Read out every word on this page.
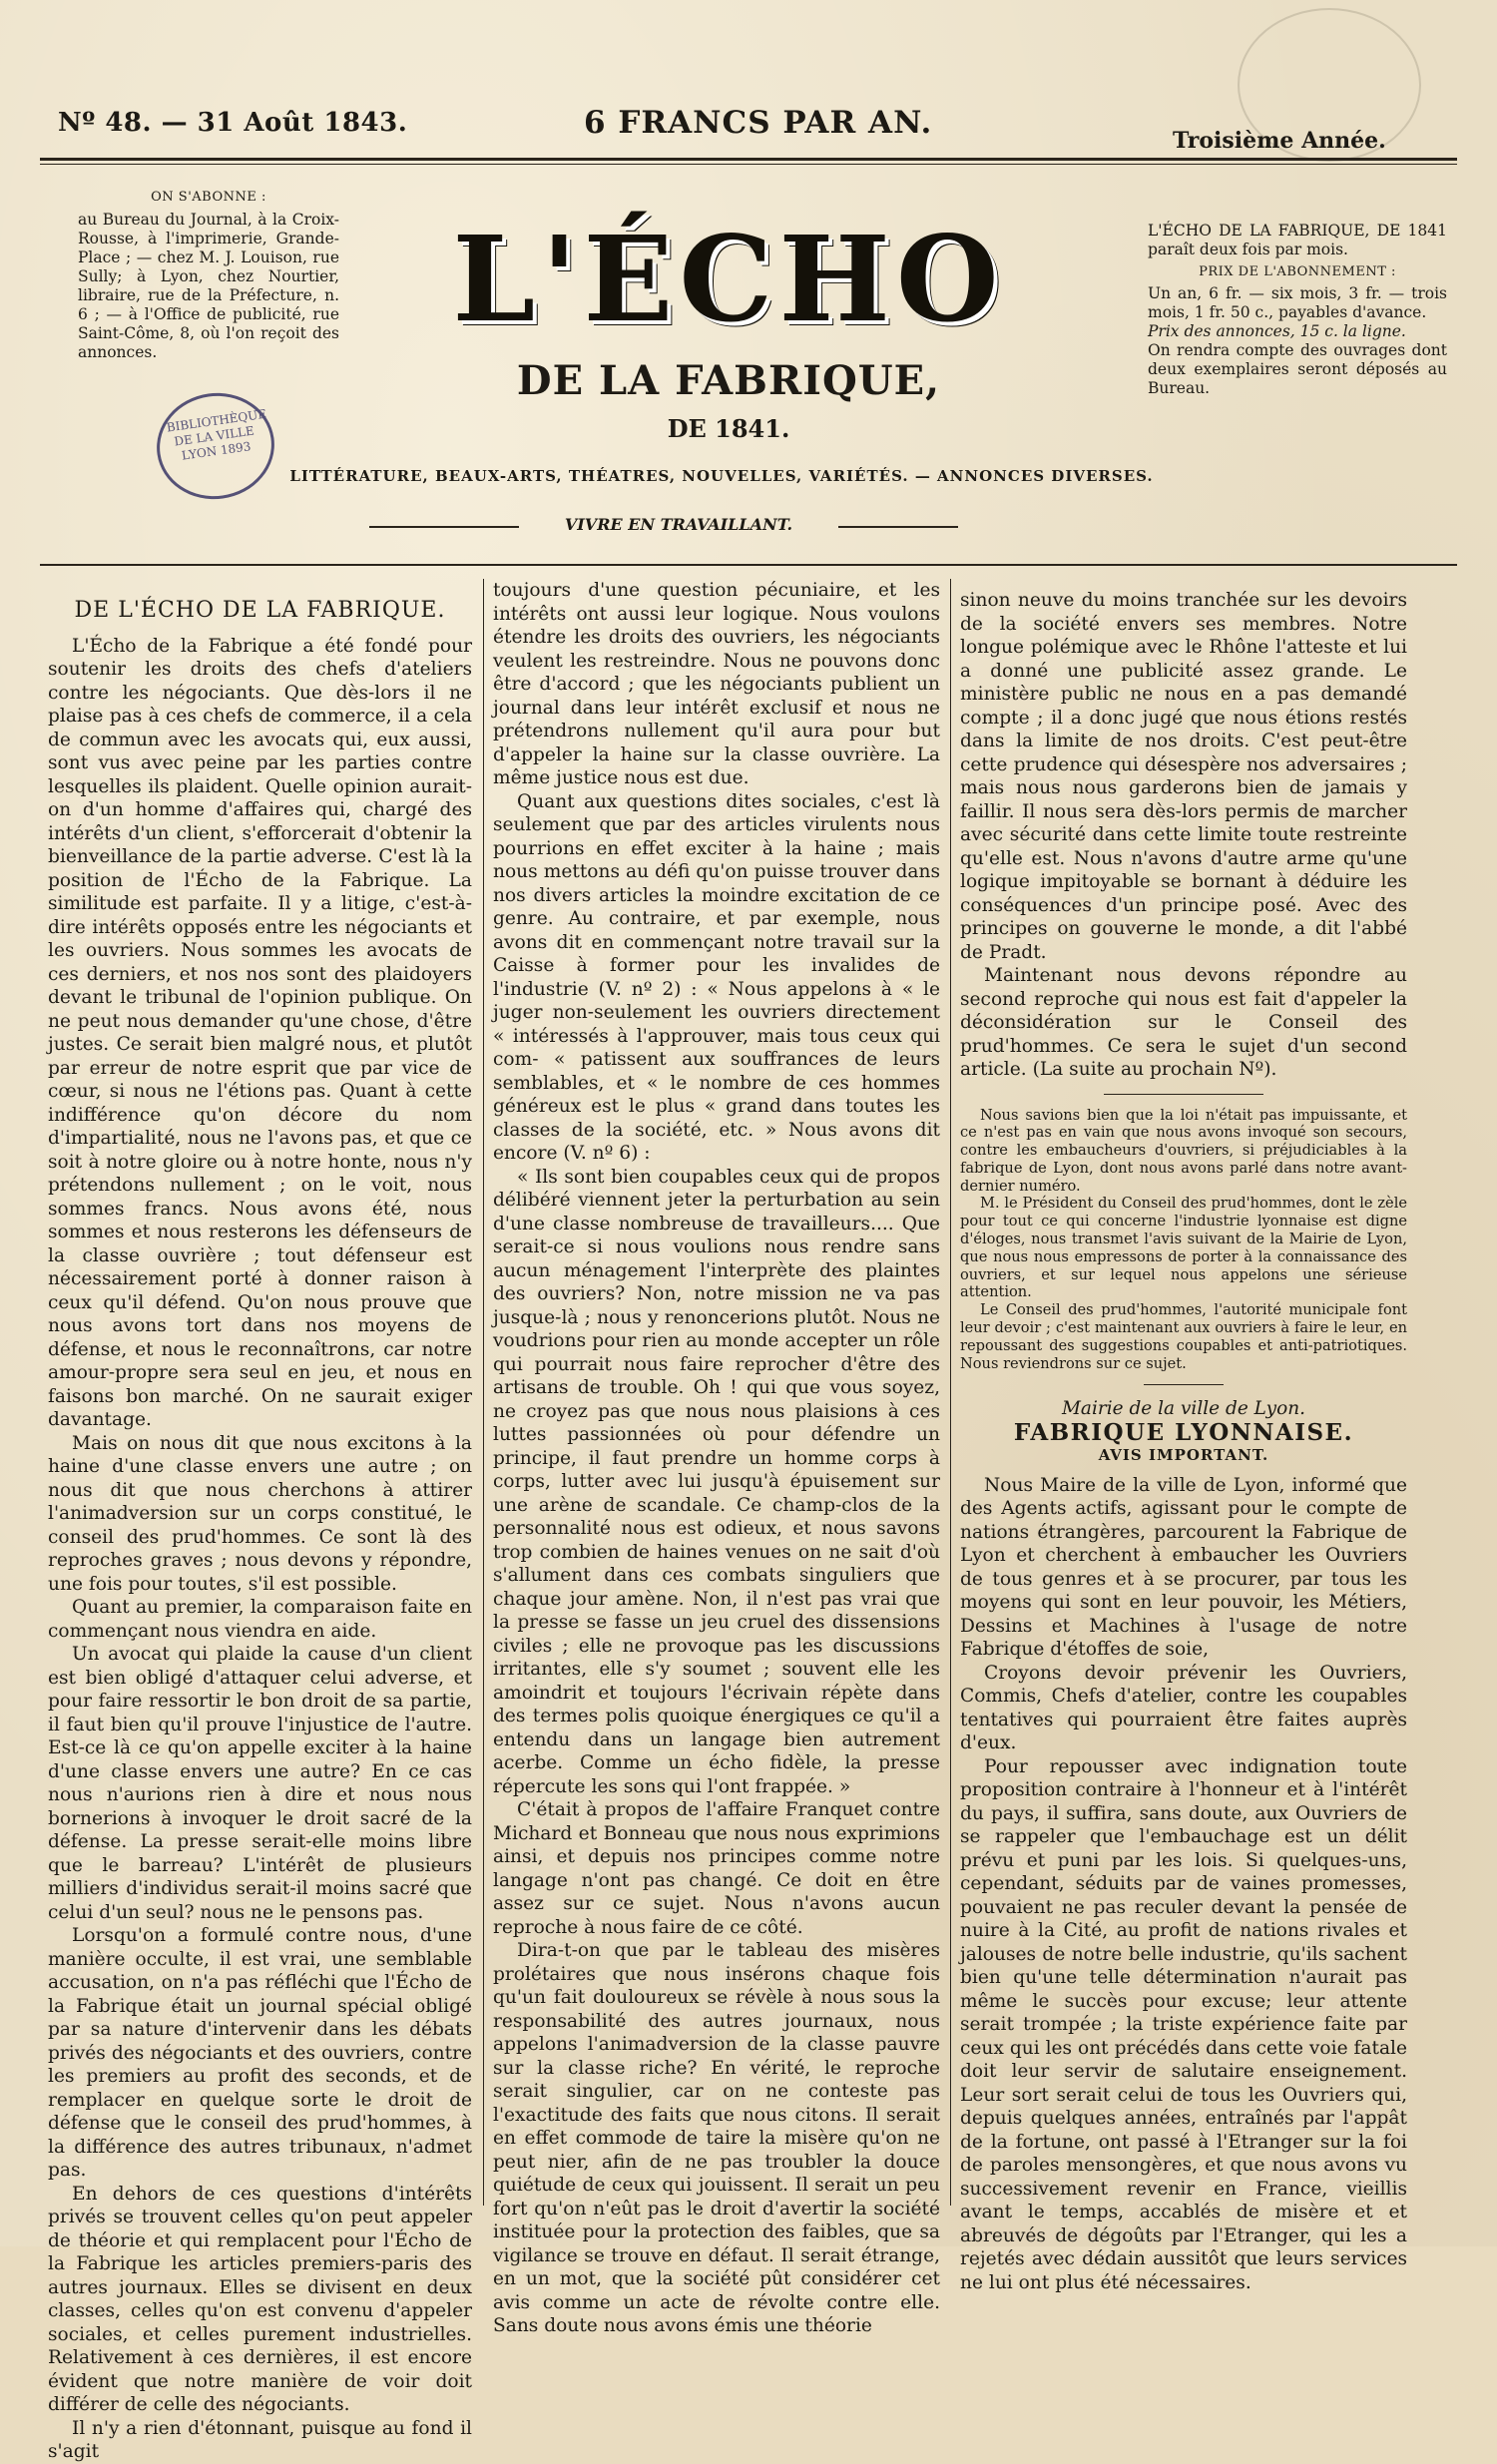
Nº 48. — 31 Août 1843.	6 FRANCS PAR AN.	Troisième Année.
ON S'ABONNE :
au Bureau du Journal, à la Croix-Rousse, à l'imprimerie, Grande-Place ; — chez M. J. Louison, rue Sully; à Lyon, chez Nourtier, libraire, rue de la Préfecture, n. 6 ; — à l'Office de publicité, rue Saint-Côme, 8, où l'on reçoit des annonces.
BIBLIOTHÈQUE DE LA VILLE LYON 1893
L'ÉCHO
DE LA FABRIQUE,
DE 1841.
LITTÉRATURE, BEAUX-ARTS, THÉATRES, NOUVELLES, VARIÉTÉS. — ANNONCES DIVERSES.
VIVRE EN TRAVAILLANT.
L'ÉCHO DE LA FABRIQUE, DE 1841 paraît deux fois par mois.
PRIX DE L'ABONNEMENT :
Un an, 6 fr. — six mois, 3 fr. — trois mois, 1 fr. 50 c., payables d'avance.
Prix des annonces, 15 c. la ligne.
On rendra compte des ouvrages dont deux exemplaires seront déposés au Bureau.
DE L'ÉCHO DE LA FABRIQUE.

L'Écho de la Fabrique a été fondé pour soutenir les droits des chefs d'ateliers contre les négociants. Que dès-lors il ne plaise pas à ces chefs de commerce, il a cela de commun avec les avocats qui, eux aussi, sont vus avec peine par les parties contre lesquelles ils plaident. Quelle opinion aurait-on d'un homme d'affaires qui, chargé des intérêts d'un client, s'efforcerait d'obtenir la bienveillance de la partie adverse. C'est là la position de l'Écho de la Fabrique. La similitude est parfaite. Il y a litige, c'est-à-dire intérêts opposés entre les négociants et les ouvriers. Nous sommes les avocats de ces derniers, et nos nos sont des plaidoyers devant le tribunal de l'opinion publique. On ne peut nous demander qu'une chose, d'être justes. Ce serait bien malgré nous, et plutôt par erreur de notre esprit que par vice de cœur, si nous ne l'étions pas. Quant à cette indifférence qu'on décore du nom d'impartialité, nous ne l'avons pas, et que ce soit à notre gloire ou à notre honte, nous n'y prétendons nullement ; on le voit, nous sommes francs. Nous avons été, nous sommes et nous resterons les défenseurs de la classe ouvrière ; tout défenseur est nécessairement porté à donner raison à ceux qu'il défend. Qu'on nous prouve que nous avons tort dans nos moyens de défense, et nous le reconnaîtrons, car notre amour-propre sera seul en jeu, et nous en faisons bon marché. On ne saurait exiger davantage.

Mais on nous dit que nous excitons à la haine d'une classe envers une autre ; on nous dit que nous cherchons à attirer l'animadversion sur un corps constitué, le conseil des prud'hommes. Ce sont là des reproches graves ; nous devons y répondre, une fois pour toutes, s'il est possible.

Quant au premier, la comparaison faite en commençant nous viendra en aide.

Un avocat qui plaide la cause d'un client est bien obligé d'attaquer celui adverse, et pour faire ressortir le bon droit de sa partie, il faut bien qu'il prouve l'injustice de l'autre. Est-ce là ce qu'on appelle exciter à la haine d'une classe envers une autre? En ce cas nous n'aurions rien à dire et nous nous bornerions à invoquer le droit sacré de la défense. La presse serait-elle moins libre que le barreau? L'intérêt de plusieurs milliers d'individus serait-il moins sacré que celui d'un seul? nous ne le pensons pas.

Lorsqu'on a formulé contre nous, d'une manière occulte, il est vrai, une semblable accusation, on n'a pas réfléchi que l'Écho de la Fabrique était un journal spécial obligé par sa nature d'intervenir dans les débats privés des négociants et des ouvriers, contre les premiers au profit des seconds, et de remplacer en quelque sorte le droit de défense que le conseil des prud'hommes, à la différence des autres tribunaux, n'admet pas.

En dehors de ces questions d'intérêts privés se trouvent celles qu'on peut appeler de théorie et qui remplacent pour l'Écho de la Fabrique les articles premiers-paris des autres journaux. Elles se divisent en deux classes, celles qu'on est convenu d'appeler sociales, et celles purement industrielles. Relativement à ces dernières, il est encore évident que notre manière de voir doit différer de celle des négociants.

Il n'y a rien d'étonnant, puisque au fond il s'agit

toujours d'une question pécuniaire, et les intérêts ont aussi leur logique. Nous voulons étendre les droits des ouvriers, les négociants veulent les restreindre. Nous ne pouvons donc être d'accord ; que les négociants publient un journal dans leur intérêt exclusif et nous ne prétendrons nullement qu'il aura pour but d'appeler la haine sur la classe ouvrière. La même justice nous est due.

Quant aux questions dites sociales, c'est là seulement que par des articles virulents nous pourrions en effet exciter à la haine ; mais nous mettons au défi qu'on puisse trouver dans nos divers articles la moindre excitation de ce genre. Au contraire, et par exemple, nous avons dit en commençant notre travail sur la Caisse à former pour les invalides de l'industrie (V. nº 2) : « Nous appelons à « le juger non-seulement les ouvriers directement « intéressés à l'approuver, mais tous ceux qui com- « patissent aux souffrances de leurs semblables, et « le nombre de ces hommes généreux est le plus « grand dans toutes les classes de la société, etc. » Nous avons dit encore (V. nº 6) :

« Ils sont bien coupables ceux qui de propos délibéré viennent jeter la perturbation au sein d'une classe nombreuse de travailleurs.... Que serait-ce si nous voulions nous rendre sans aucun ménagement l'interprète des plaintes des ouvriers? Non, notre mission ne va pas jusque-là ; nous y renoncerions plutôt. Nous ne voudrions pour rien au monde accepter un rôle qui pourrait nous faire reprocher d'être des artisans de trouble. Oh ! qui que vous soyez, ne croyez pas que nous nous plaisions à ces luttes passionnées où pour défendre un principe, il faut prendre un homme corps à corps, lutter avec lui jusqu'à épuisement sur une arène de scandale. Ce champ-clos de la personnalité nous est odieux, et nous savons trop combien de haines venues on ne sait d'où s'allument dans ces combats singuliers que chaque jour amène. Non, il n'est pas vrai que la presse se fasse un jeu cruel des dissensions civiles ; elle ne provoque pas les discussions irritantes, elle s'y soumet ; souvent elle les amoindrit et toujours l'écrivain répète dans des termes polis quoique énergiques ce qu'il a entendu dans un langage bien autrement acerbe. Comme un écho fidèle, la presse répercute les sons qui l'ont frappée. »

C'était à propos de l'affaire Franquet contre Michard et Bonneau que nous nous exprimions ainsi, et depuis nos principes comme notre langage n'ont pas changé. Ce doit en être assez sur ce sujet. Nous n'avons aucun reproche à nous faire de ce côté.

Dira-t-on que par le tableau des misères prolétaires que nous insérons chaque fois qu'un fait douloureux se révèle à nous sous la responsabilité des autres journaux, nous appelons l'animadversion de la classe pauvre sur la classe riche? En vérité, le reproche serait singulier, car on ne conteste pas l'exactitude des faits que nous citons. Il serait en effet commode de taire la misère qu'on ne peut nier, afin de ne pas troubler la douce quiétude de ceux qui jouissent. Il serait un peu fort qu'on n'eût pas le droit d'avertir la société instituée pour la protection des faibles, que sa vigilance se trouve en défaut. Il serait étrange, en un mot, que la société pût considérer cet avis comme un acte de révolte contre elle. Sans doute nous avons émis une théorie

sinon neuve du moins tranchée sur les devoirs de la société envers ses membres. Notre longue polémique avec le Rhône l'atteste et lui a donné une publicité assez grande. Le ministère public ne nous en a pas demandé compte ; il a donc jugé que nous étions restés dans la limite de nos droits. C'est peut-être cette prudence qui désespère nos adversaires ; mais nous nous garderons bien de jamais y faillir. Il nous sera dès-lors permis de marcher avec sécurité dans cette limite toute restreinte qu'elle est. Nous n'avons d'autre arme qu'une logique impitoyable se bornant à déduire les conséquences d'un principe posé. Avec des principes on gouverne le monde, a dit l'abbé de Pradt.

Maintenant nous devons répondre au second reproche qui nous est fait d'appeler la déconsidération sur le Conseil des prud'hommes. Ce sera le sujet d'un second article. (La suite au prochain Nº).

Nous savions bien que la loi n'était pas impuissante, et ce n'est pas en vain que nous avons invoqué son secours, contre les embaucheurs d'ouvriers, si préjudiciables à la fabrique de Lyon, dont nous avons parlé dans notre avant-dernier numéro.

M. le Président du Conseil des prud'hommes, dont le zèle pour tout ce qui concerne l'industrie lyonnaise est digne d'éloges, nous transmet l'avis suivant de la Mairie de Lyon, que nous nous empressons de porter à la connaissance des ouvriers, et sur lequel nous appelons une sérieuse attention.

Le Conseil des prud'hommes, l'autorité municipale font leur devoir ; c'est maintenant aux ouvriers à faire le leur, en repoussant des suggestions coupables et anti-patriotiques. Nous reviendrons sur ce sujet.

Mairie de la ville de Lyon.
FABRIQUE LYONNAISE.
AVIS IMPORTANT.

Nous Maire de la ville de Lyon, informé que des Agents actifs, agissant pour le compte de nations étrangères, parcourent la Fabrique de Lyon et cherchent à embaucher les Ouvriers de tous genres et à se procurer, par tous les moyens qui sont en leur pouvoir, les Métiers, Dessins et Machines à l'usage de notre Fabrique d'étoffes de soie,

Croyons devoir prévenir les Ouvriers, Commis, Chefs d'atelier, contre les coupables tentatives qui pourraient être faites auprès d'eux.

Pour repousser avec indignation toute proposition contraire à l'honneur et à l'intérêt du pays, il suffira, sans doute, aux Ouvriers de se rappeler que l'embauchage est un délit prévu et puni par les lois. Si quelques-uns, cependant, séduits par de vaines promesses, pouvaient ne pas reculer devant la pensée de nuire à la Cité, au profit de nations rivales et jalouses de notre belle industrie, qu'ils sachent bien qu'une telle détermination n'aurait pas même le succès pour excuse; leur attente serait trompée ; la triste expérience faite par ceux qui les ont précédés dans cette voie fatale doit leur servir de salutaire enseignement. Leur sort serait celui de tous les Ouvriers qui, depuis quelques années, entraînés par l'appât de la fortune, ont passé à l'Etranger sur la foi de paroles mensongères, et que nous avons vu successivement revenir en France, vieillis avant le temps, accablés de misère et et abreuvés de dégoûts par l'Etranger, qui les a rejetés avec dédain aussitôt que leurs services ne lui ont plus été nécessaires.
